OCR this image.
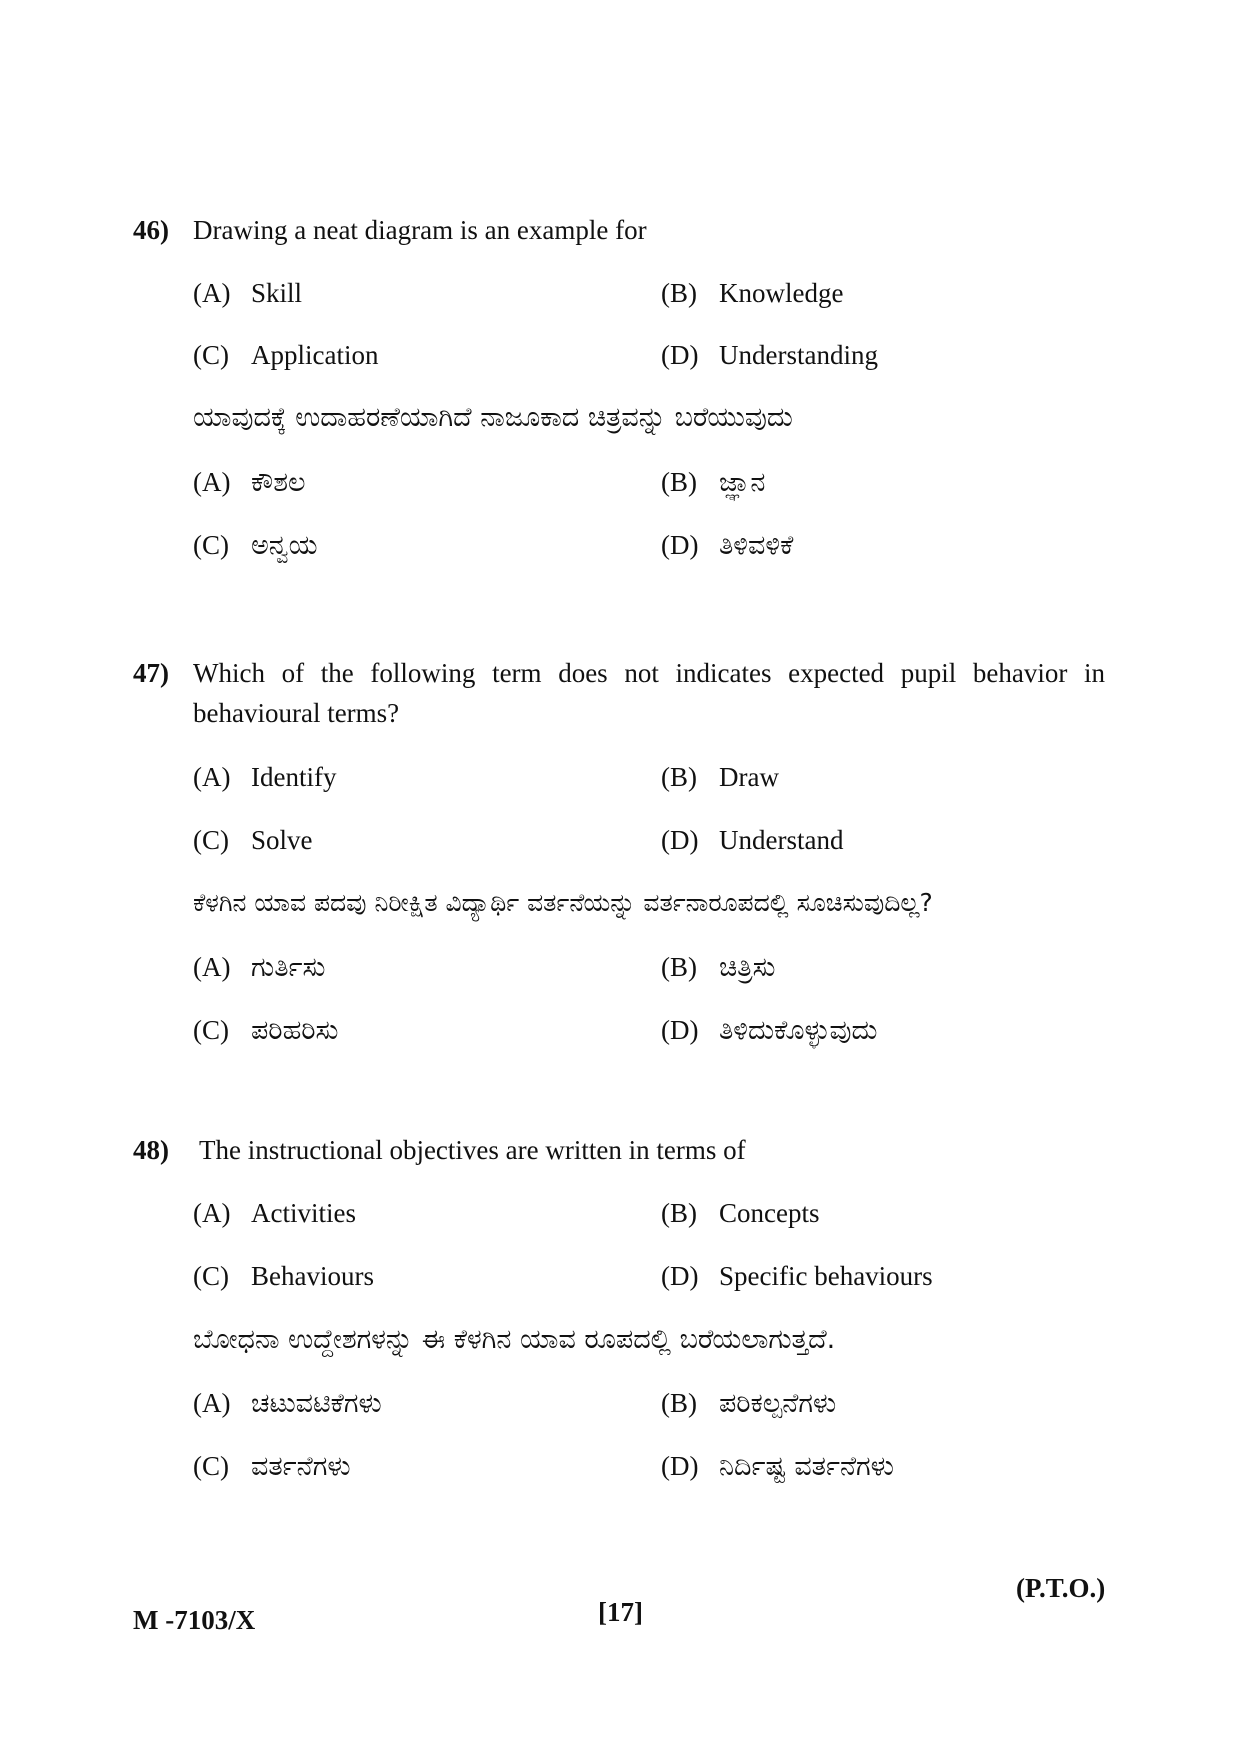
46) Drawing a neat diagram is an example for
(A) Skill	(B) Knowledge
(C) Application	(D) Understanding
ಯಾವುದಕ್ಕೆ ಉದಾಹರಣೆಯಾಗಿದೆ ನಾಜೂಕಾದ ಚಿತ್ರವನ್ನು ಬರೆಯುವುದು
(A) ಕೌಶಲ	(B) ಜ್ಞಾನ
(C) ಅನ್ವಯ	(D) ತಿಳಿವಳಿಕೆ
47) Which of the following term does not indicates expected pupil behavior in behavioural terms?
(A) Identify	(B) Draw
(C) Solve	(D) Understand
ಕೆಳಗಿನ ಯಾವ ಪದವು ನಿರೀಕ್ಷಿತ ವಿದ್ಯಾರ್ಥಿ ವರ್ತನೆಯನ್ನು ವರ್ತನಾರೂಪದಲ್ಲಿ ಸೂಚಿಸುವುದಿಲ್ಲ?
(A) ಗುರ್ತಿಸು	(B) ಚಿತ್ರಿಸು
(C) ಪರಿಹರಿಸು	(D) ತಿಳಿದುಕೊಳ್ಳುವುದು
48) The instructional objectives are written in terms of
(A) Activities	(B) Concepts
(C) Behaviours	(D) Specific behaviours
ಬೋಧನಾ ಉದ್ದೇಶಗಳನ್ನು ಈ ಕೆಳಗಿನ ಯಾವ ರೂಪದಲ್ಲಿ ಬರೆಯಲಾಗುತ್ತದೆ.
(A) ಚಟುವಟಿಕೆಗಳು	(B) ಪರಿಕಲ್ಪನೆಗಳು
(C) ವರ್ತನೆಗಳು	(D) ನಿರ್ದಿಷ್ಟ ವರ್ತನೆಗಳು
(P.T.O.)
M -7103/X	[17]
